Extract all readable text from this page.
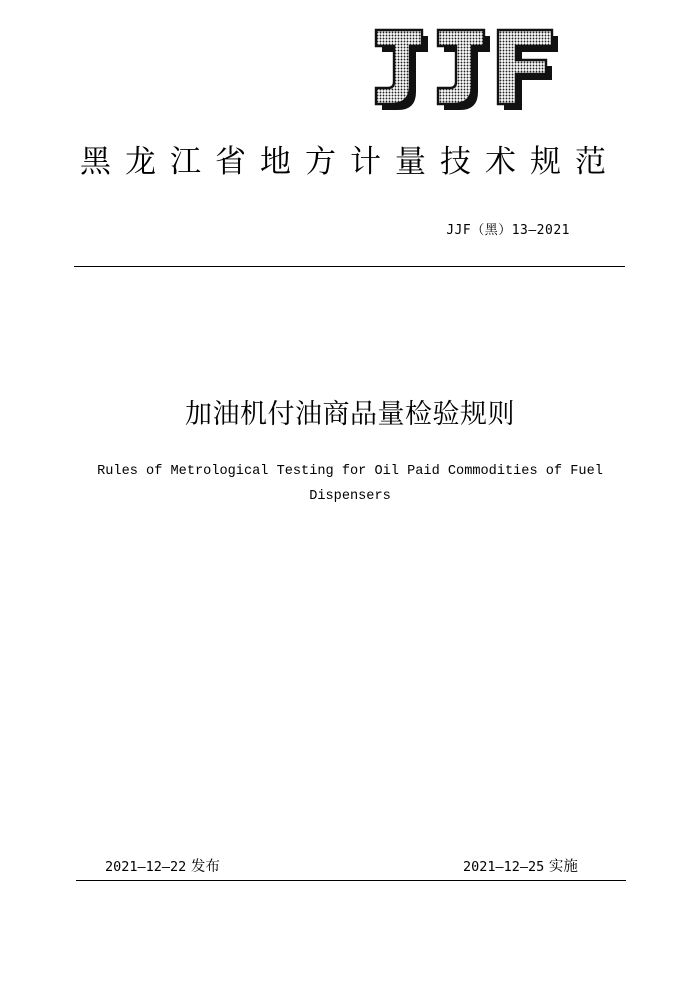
黑龙江省地方计量技术规范
JJF（黑）13—2021
加油机付油商品量检验规则
Rules of Metrological Testing for Oil Paid Commodities of Fuel Dispensers
2021—12—22 发布	2021—12—25 实施
